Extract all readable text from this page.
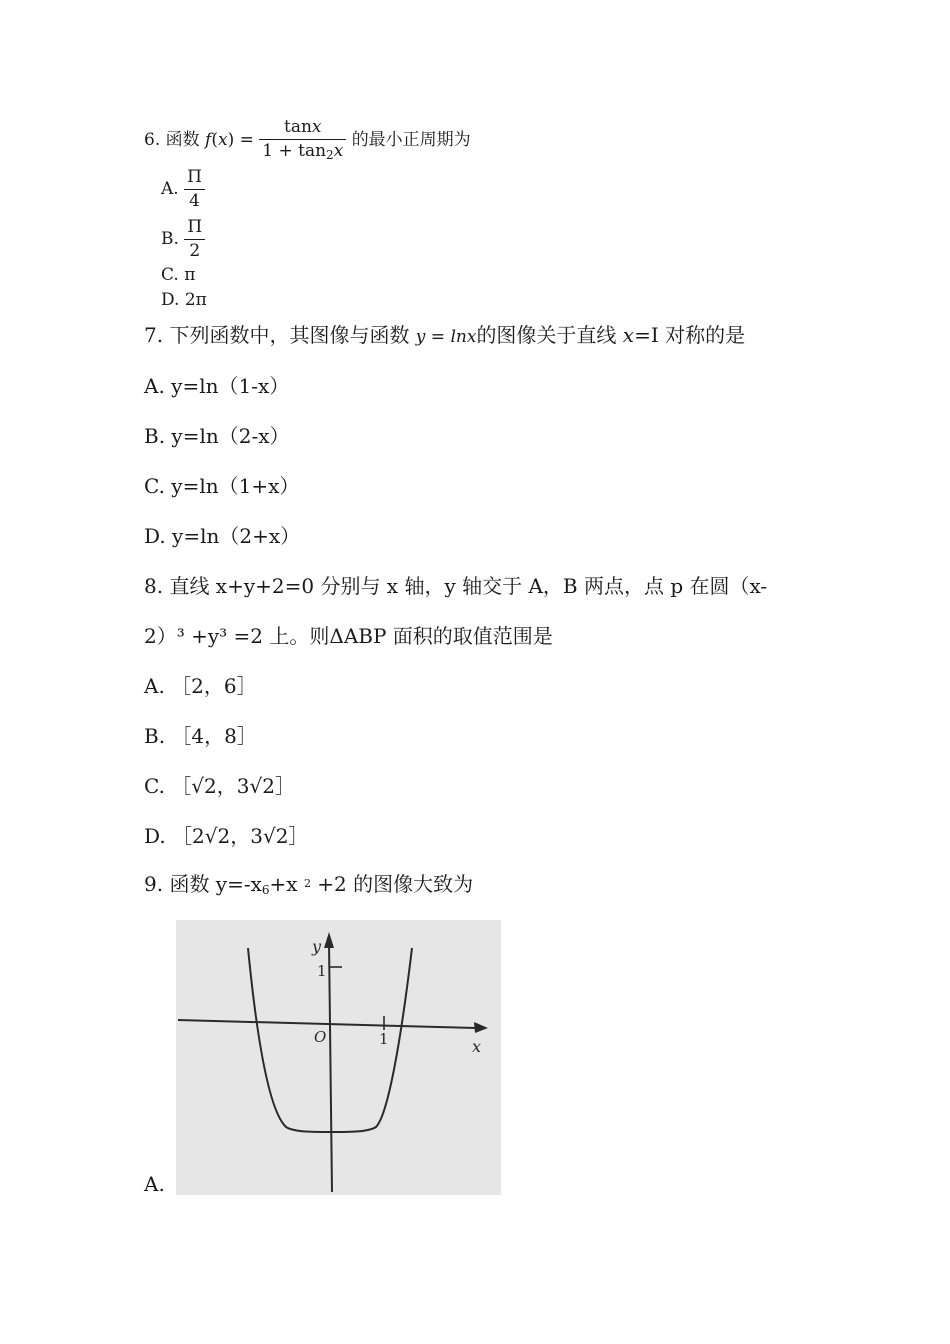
6. 函数 $f(x) = \frac{\tan x}{1 + \tan_2x}$ 的最小正周期为
A. $\frac{\Pi}{4}$
B. $\frac{\Pi}{2}$
C. π
D. 2π
7. 下列函数中，其图像与函数 y = lnx的图像关于直线 x=I 对称的是
A. y=ln（1-x）
B. y=ln（2-x）
C. y=ln（1+x）
D. y=ln（2+x）
8. 直线 x+y+2=0 分别与 x 轴，y 轴交于 A，B 两点，点 p 在圆（x-
2）³ +y³ =2 上。则ΔABP 面积的取值范围是
A. ［2，6］
B. ［4，8］
C. ［√2，3√2］
D. ［2√2，3√2］
9. 函数 $y=-x_6+x$ $^2$ +2 的图像大致为
y
x
O
1
1
A.
